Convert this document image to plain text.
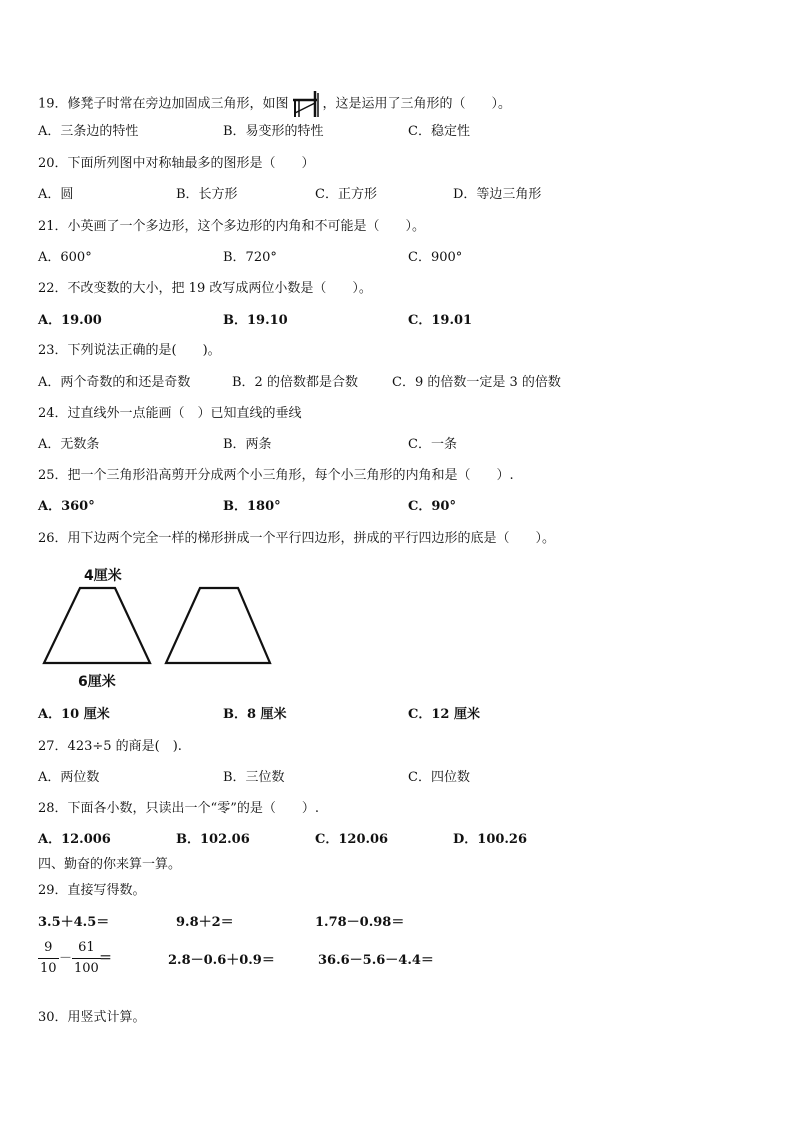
19．修凳子时常在旁边加固成三角形，如图	，这是运用了三角形的（　　）。
A．三条边的特性	B．易变形的特性	C．稳定性
20．下面所列图中对称轴最多的图形是（　　）
A．圆	B．长方形	C．正方形	D．等边三角形
21．小英画了一个多边形，这个多边形的内角和不可能是（　　）。
A．600°	B．720°	C．900°
22．不改变数的大小，把 19 改写成两位小数是（　　）。
A．19.00	B．19.10	C．19.01
23．下列说法正确的是(　　)。
A．两个奇数的和还是奇数	B．2 的倍数都是合数	C．9 的倍数一定是 3 的倍数
24．过直线外一点能画（　）已知直线的垂线
A．无数条	B．两条	C．一条
25．把一个三角形沿高剪开分成两个小三角形，每个小三角形的内角和是（　　）.
A．360°	B．180°	C．90°
26．用下边两个完全一样的梯形拼成一个平行四边形，拼成的平行四边形的底是（　　）。
4厘米
6厘米
A．10 厘米	B．8 厘米	C．12 厘米
27．423÷5 的商是(　).
A．两位数	B．三位数	C．四位数
28．下面各小数，只读出一个“零”的是（　　）.
A．12.006	B．102.06	C．120.06	D．100.26
四、勤奋的你来算一算。
29．直接写得数。
3.5＋4.5＝	9.8＋2＝	1.78－0.98＝
9
10
－
61
100
＝	2.8－0.6＋0.9＝	36.6－5.6－4.4＝
30．用竖式计算。
